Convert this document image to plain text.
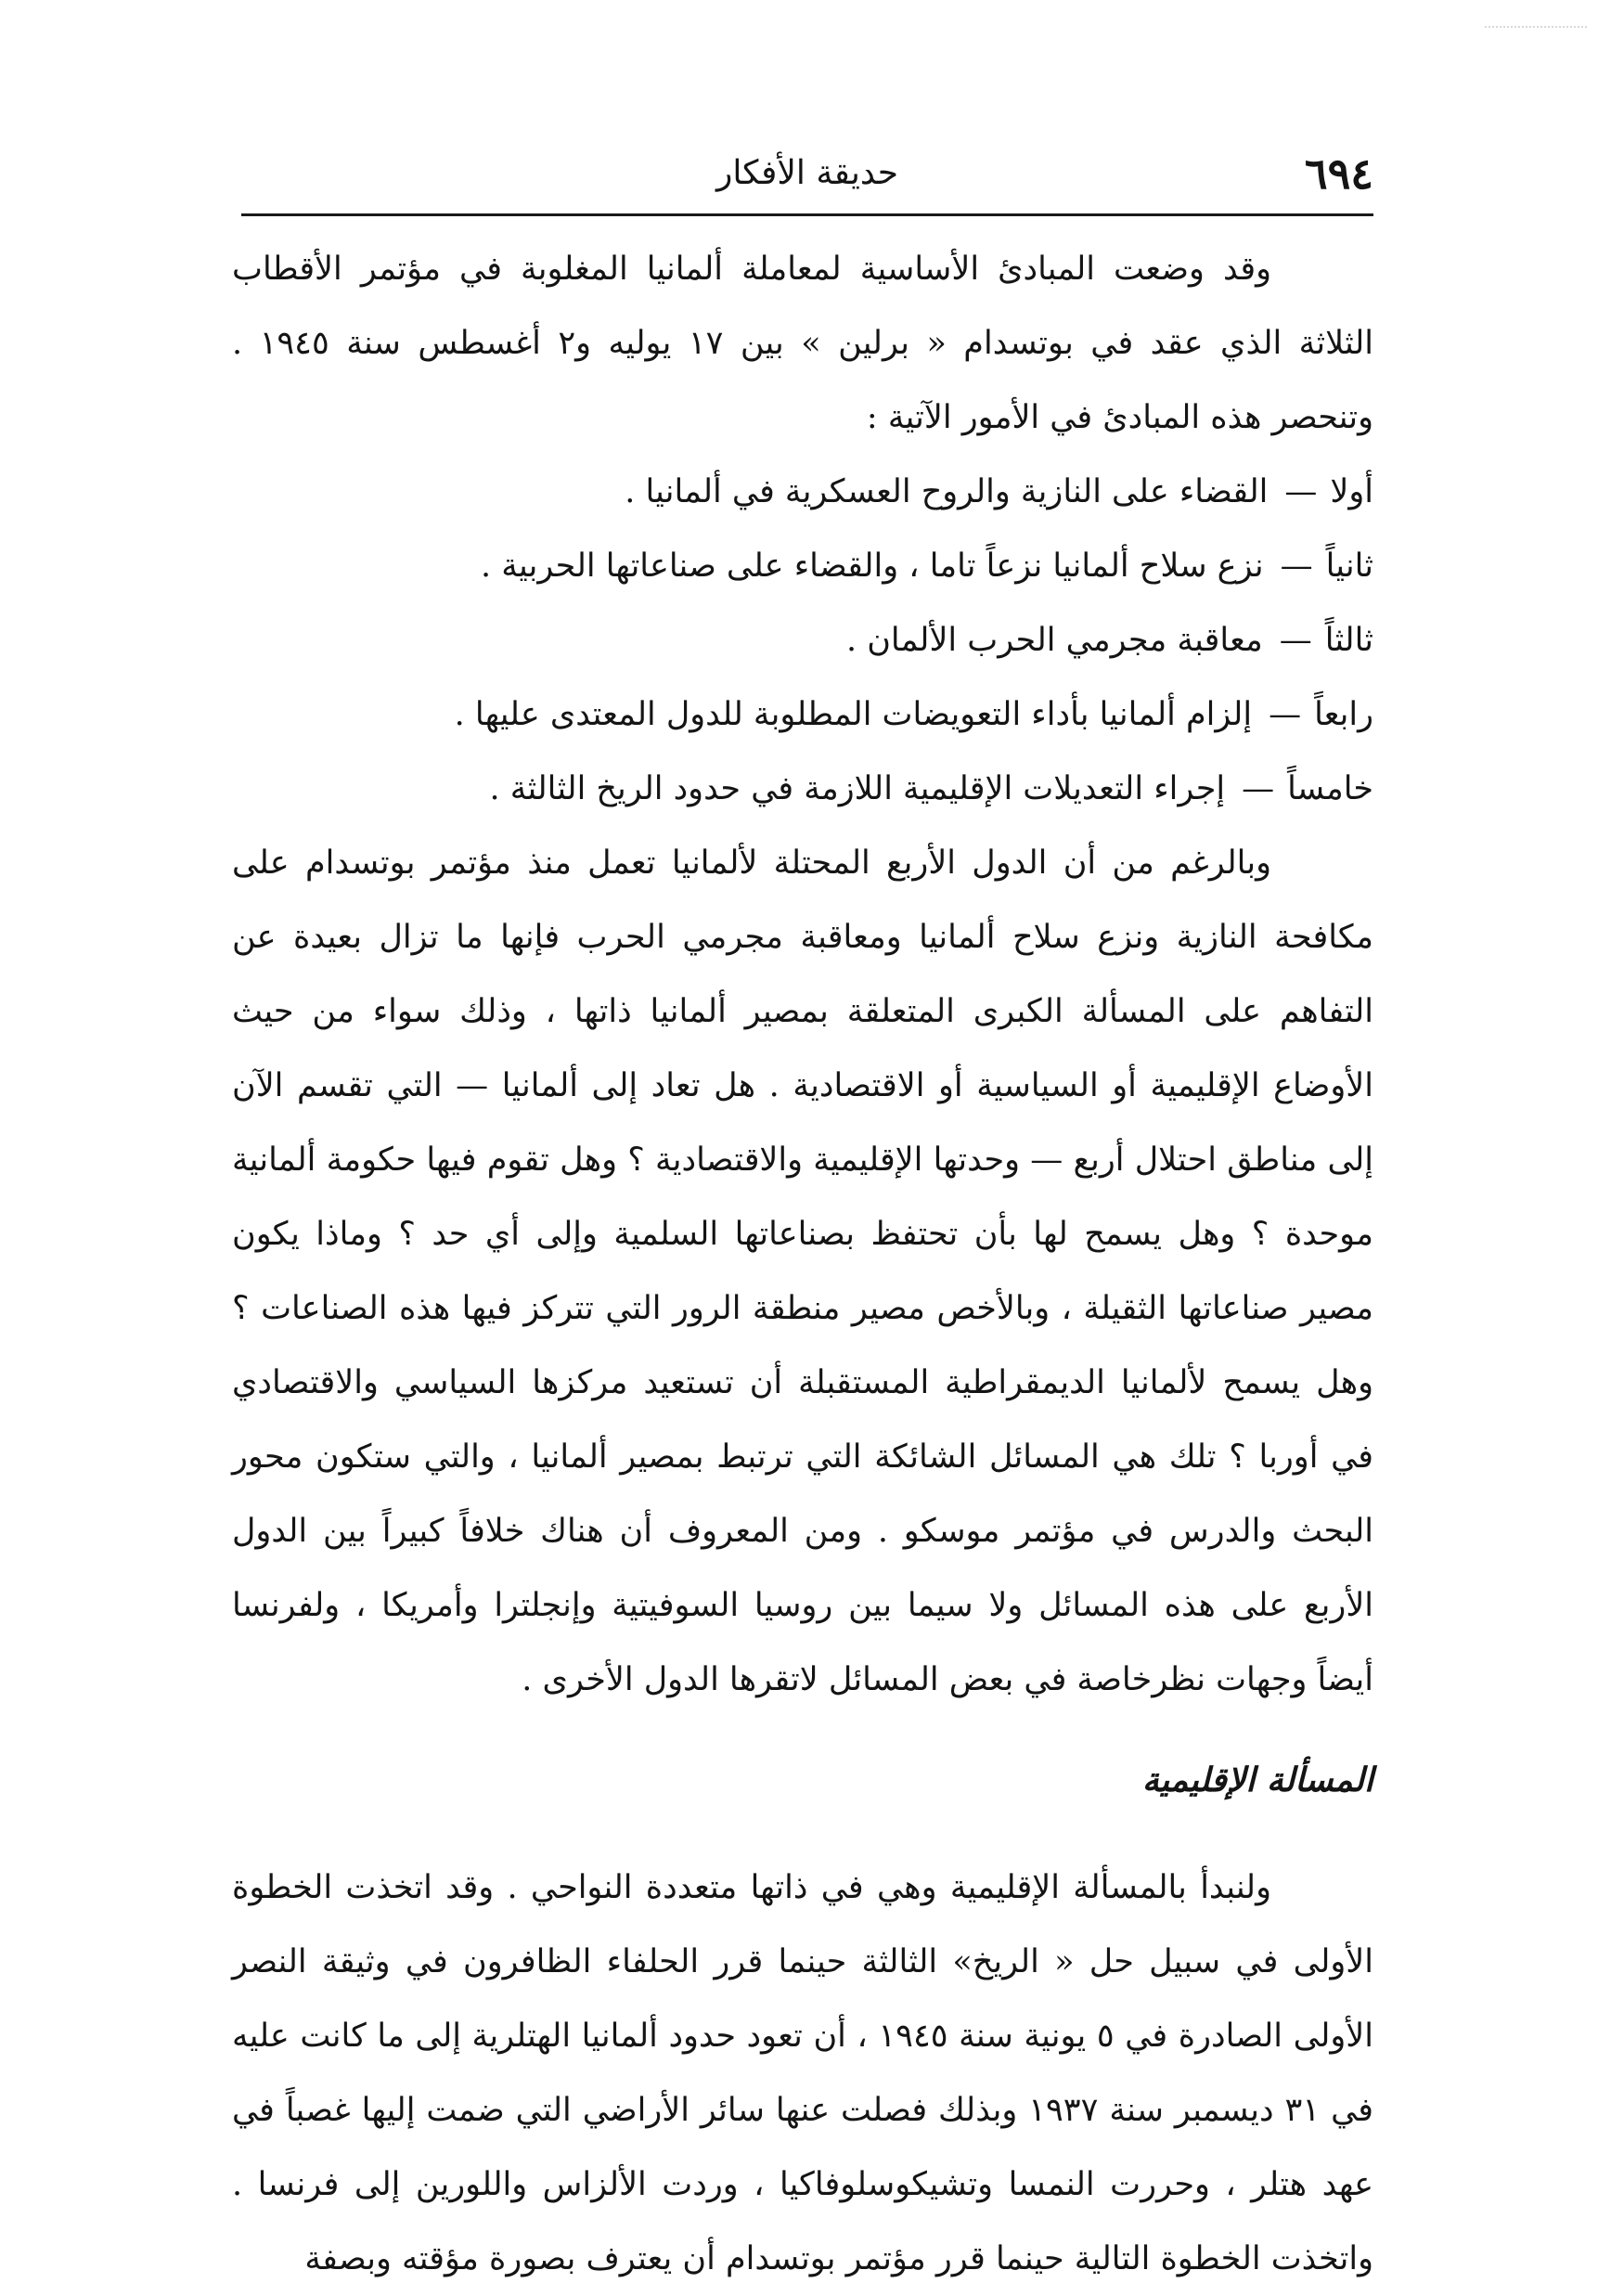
٦٩٤
حديقة الأفكار

وقد وضعت المبادئ الأساسية لمعاملة ألمانيا المغلوبة في مؤتمر الأقطاب الثلاثة الذي عقد في بوتسدام « برلين » بين ١٧ يوليه و٢ أغسطس سنة ١٩٤٥ . وتنحصر هذه المبادئ في الأمور الآتية :

أولا—القضاء على النازية والروح العسكرية في ألمانيا .
ثانياً—نزع سلاح ألمانيا نزعاً تاما ، والقضاء على صناعاتها الحربية .
ثالثاً—معاقبة مجرمي الحرب الألمان .
رابعاً—إلزام ألمانيا بأداء التعويضات المطلوبة للدول المعتدى عليها .
خامساً—إجراء التعديلات الإقليمية اللازمة في حدود الريخ الثالثة .

وبالرغم من أن الدول الأربع المحتلة لألمانيا تعمل منذ مؤتمر بوتسدام على مكافحة النازية ونزع سلاح ألمانيا ومعاقبة مجرمي الحرب فإنها ما تزال بعيدة عن التفاهم على المسألة الكبرى المتعلقة بمصير ألمانيا ذاتها ، وذلك سواء من حيث الأوضاع الإقليمية أو السياسية أو الاقتصادية . هل تعاد إلى ألمانيا — التي تقسم الآن إلى مناطق احتلال أربع — وحدتها الإقليمية والاقتصادية ؟ وهل تقوم فيها حكومة ألمانية موحدة ؟ وهل يسمح لها بأن تحتفظ بصناعاتها السلمية وإلى أي حد ؟ وماذا يكون مصير صناعاتها الثقيلة ، وبالأخص مصير منطقة الرور التي تتركز فيها هذه الصناعات ؟ وهل يسمح لألمانيا الديمقراطية المستقبلة أن تستعيد مركزها السياسي والاقتصادي في أوربا ؟ تلك هي المسائل الشائكة التي ترتبط بمصير ألمانيا ، والتي ستكون محور البحث والدرس في مؤتمر موسكو . ومن المعروف أن هناك خلافاً كبيراً بين الدول الأربع على هذه المسائل ولا سيما بين روسيا السوفيتية وإنجلترا وأمريكا ، ولفرنسا أيضاً وجهات نظرخاصة في بعض المسائل لاتقرها الدول الأخرى .

المسألة الإقليمية

ولنبدأ بالمسألة الإقليمية وهي في ذاتها متعددة النواحي . وقد اتخذت الخطوة الأولى في سبيل حل « الريخ» الثالثة حينما قرر الحلفاء الظافرون في وثيقة النصر الأولى الصادرة في ٥ يونية سنة ١٩٤٥ ، أن تعود حدود ألمانيا الهتلرية إلى ما كانت عليه في ٣١ ديسمبر سنة ١٩٣٧ وبذلك فصلت عنها سائر الأراضي التي ضمت إليها غصباً في عهد هتلر ، وحررت النمسا وتشيكوسلوفاكيا ، وردت الألزاس واللورين إلى فرنسا . واتخذت الخطوة التالية حينما قرر مؤتمر بوتسدام أن يعترف بصورة مؤقته وبصفة
